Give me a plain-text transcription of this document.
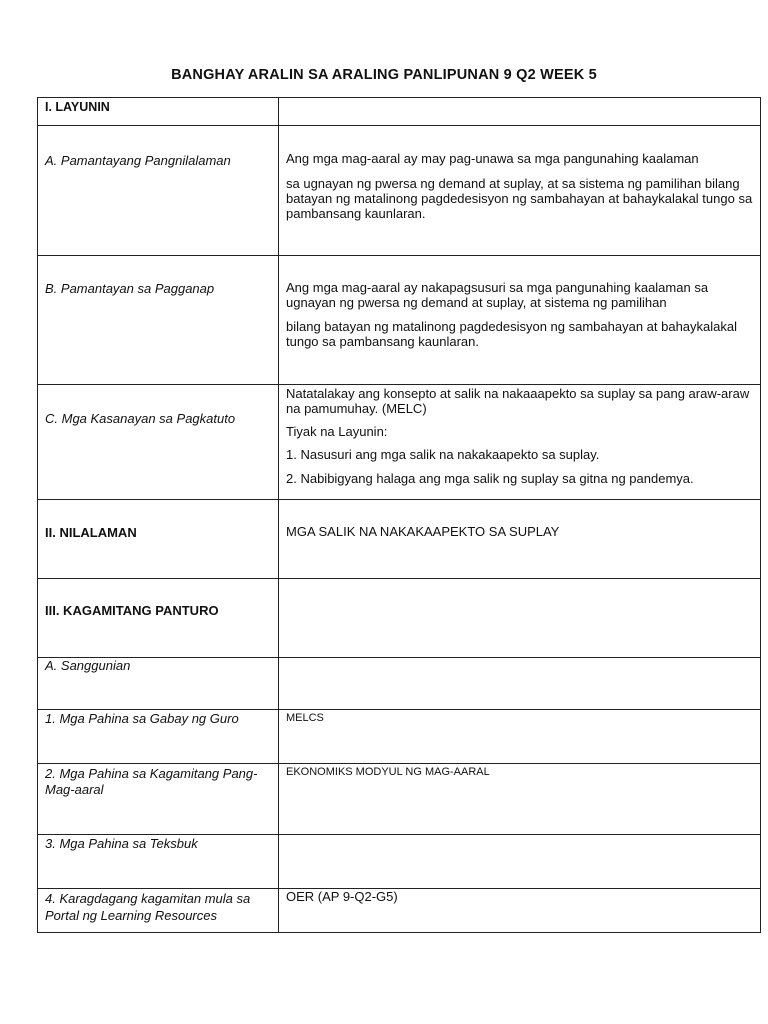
BANGHAY ARALIN SA ARALING PANLIPUNAN 9 Q2 WEEK 5
I. LAYUNIN	

A. Pamantayang Pangnilalaman	Ang mga mag-aaral ay may pag-unawa sa mga pangunahing kaalaman

sa ugnayan ng pwersa ng demand at suplay, at sa sistema ng pamilihan bilang batayan ng matalinong pagdedesisyon ng sambahayan at bahaykalakal tungo sa pambansang kaunlaran.

B. Pamantayan sa Pagganap	Ang mga mag-aaral ay nakapagsusuri sa mga pangunahing kaalaman sa ugnayan ng pwersa ng demand at suplay, at sistema ng pamilihan

bilang batayan ng matalinong pagdedesisyon ng sambahayan at bahaykalakal tungo sa pambansang kaunlaran.

C. Mga Kasanayan sa Pagkatuto	Natatalakay ang konsepto at salik na nakaaapekto sa suplay sa pang araw-araw na pamumuhay. (MELC)

Tiyak na Layunin:

1. Nasusuri ang mga salik na nakakaapekto sa suplay.

2. Nabibigyang halaga ang mga salik ng suplay sa gitna ng pandemya.

II. NILALAMAN	MGA SALIK NA NAKAKAAPEKTO SA SUPLAY

III. KAGAMITANG PANTURO	

A. Sanggunian	

1. Mga Pahina sa Gabay ng Guro	MELCS

2. Mga Pahina sa Kagamitang Pang-Mag-aaral	EKONOMIKS MODYUL NG MAG-AARAL

3. Mga Pahina sa Teksbuk	

4. Karagdagang kagamitan mula sa Portal ng Learning Resources	OER (AP 9-Q2-G5)
